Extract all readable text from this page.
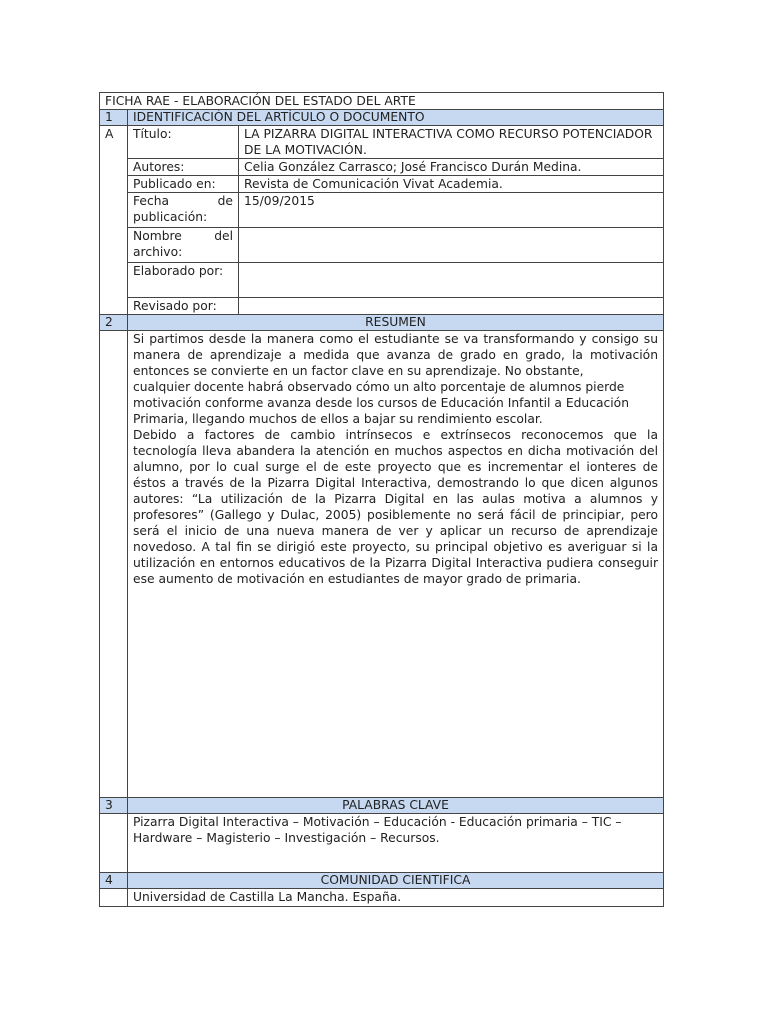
FICHA RAE - ELABORACIÓN DEL ESTADO DEL ARTE		
1	IDENTIFICACIÓN DEL ARTÍCULO O DOCUMENTO	
A	Título:	LA PIZARRA DIGITAL INTERACTIVA COMO RECURSO POTENCIADOR DE LA MOTIVACIÓN.
	Autores:	Celia González Carrasco; José Francisco Durán Medina.
	Publicado en:	Revista de Comunicación Vivat Academia.
	Fecha de publicación:	15/09/2015
	Nombre del archivo:	
	Elaborado por:	
	Revisado por:	
2	RESUMEN	

	Si partimos desde la manera como el estudiante se va transformando y consigo su manera de aprendizaje a medida que avanza de grado en grado, la motivación entonces se convierte en un factor clave en su aprendizaje. No obstante,

cualquier docente habrá observado cómo un alto porcentaje de alumnos pierde

motivación conforme avanza desde los cursos de Educación Infantil a Educación

Primaria, llegando muchos de ellos a bajar su rendimiento escolar.

Debido a factores de cambio intrínsecos e extrínsecos reconocemos que la tecnología lleva abandera la atención en muchos aspectos en dicha motivación del alumno, por lo cual surge el de este proyecto que es incrementar el ionteres de éstos a través de la Pizarra Digital Interactiva, demostrando lo que dicen algunos autores: “La utilización de la Pizarra Digital en las aulas motiva a alumnos y profesores” (Gallego y Dulac, 2005) posiblemente no será fácil de principiar, pero será el inicio de una nueva manera de ver y aplicar un recurso de aprendizaje novedoso. A tal fin se dirigió este proyecto, su principal objetivo es averiguar si la utilización en entornos educativos de la Pizarra Digital Interactiva pudiera conseguir ese aumento de motivación en estudiantes de mayor grado de primaria.	

3	PALABRAS CLAVE	

	Pizarra Digital Interactiva – Motivación – Educación - Educación primaria – TIC –

Hardware – Magisterio – Investigación – Recursos.	

4	COMUNIDAD CIENTIFICA	
	Universidad de Castilla La Mancha. España.	
